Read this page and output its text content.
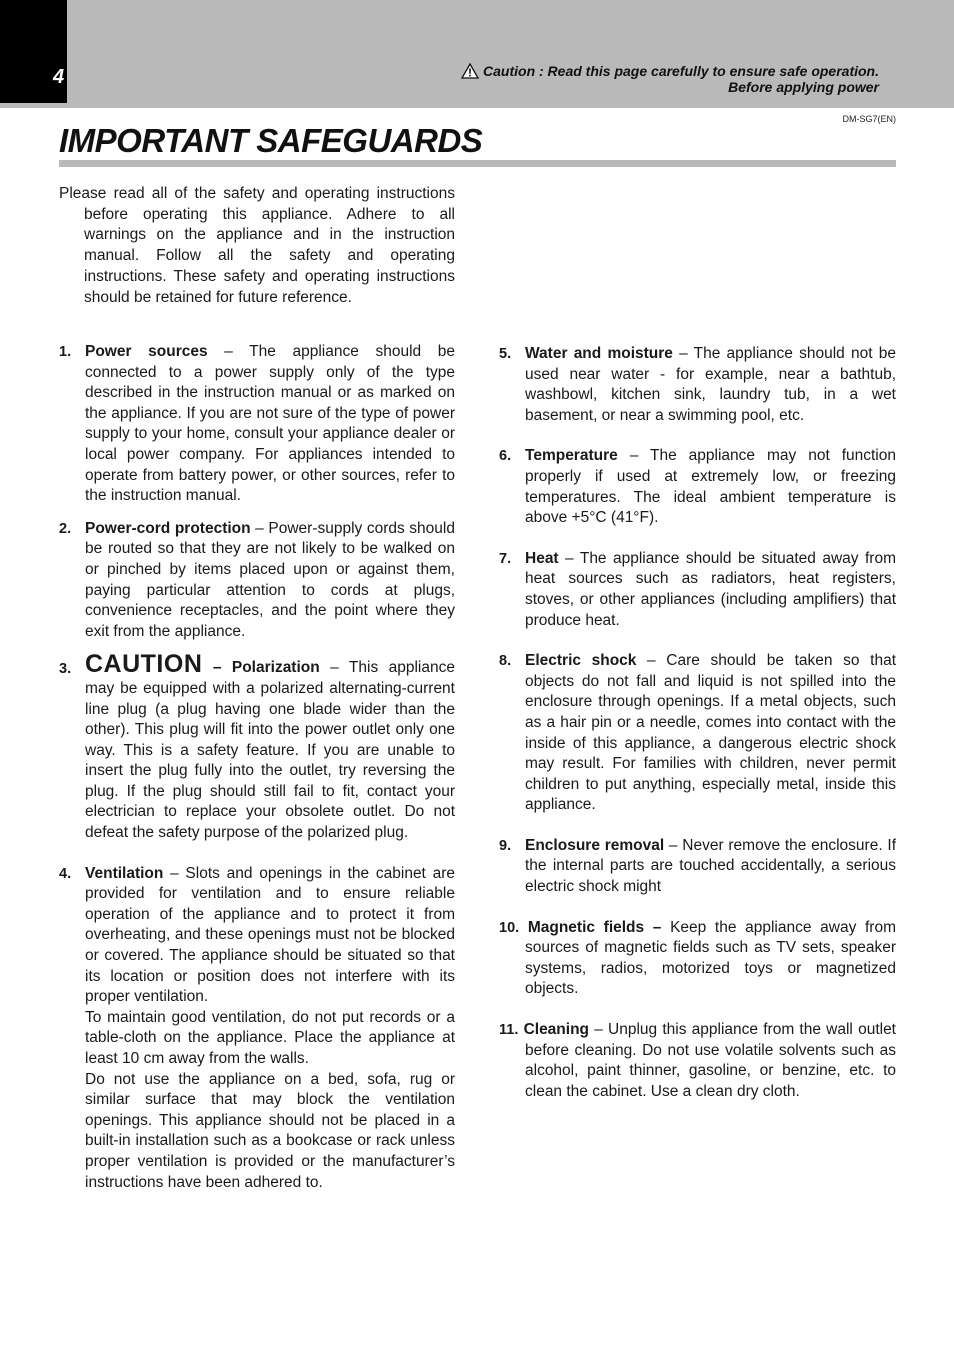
4	Caution : Read this page carefully to ensure safe operation.
Before applying power
DM-SG7(EN)
IMPORTANT SAFEGUARDS
Please read all of the safety and operating instructions before operating this appliance. Adhere to all warnings on the appliance and in the instruction manual. Follow all the safety and operating instructions. These safety and operating instructions should be retained for future reference.
1. Power sources – The appliance should be connected to a power supply only of the type described in the instruction manual or as marked on the appliance. If you are not sure of the type of power supply to your home, consult your appliance dealer or local power company. For appliances intended to operate from battery power, or other sources, refer to the instruction manual.
2. Power-cord protection – Power-supply cords should be routed so that they are not likely to be walked on or pinched by items placed upon or against them, paying particular attention to cords at plugs, convenience receptacles, and the point where they exit from the appliance.
3. CAUTION – Polarization – This appliance may be equipped with a polarized alternating-current line plug (a plug having one blade wider than the other). This plug will fit into the power outlet only one way. This is a safety feature. If you are unable to insert the plug fully into the outlet, try reversing the plug. If the plug should still fail to fit, contact your electrician to replace your obsolete outlet. Do not defeat the safety purpose of the polarized plug.
4. Ventilation – Slots and openings in the cabinet are provided for ventilation and to ensure reliable operation of the appliance and to protect it from overheating, and these openings must not be blocked or covered. The appliance should be situated so that its location or position does not interfere with its proper ventilation.

To maintain good ventilation, do not put records or a table-cloth on the appliance. Place the appliance at least 10 cm away from the walls.

Do not use the appliance on a bed, sofa, rug or similar surface that may block the ventilation openings. This appliance should not be placed in a built-in installation such as a bookcase or rack unless proper ventilation is provided or the manufacturer’s instructions have been adhered to.

5. Water and moisture – The appliance should not be used near water - for example, near a bathtub, washbowl, kitchen sink, laundry tub, in a wet basement, or near a swimming pool, etc.
6. Temperature – The appliance may not function properly if used at extremely low, or freezing temperatures. The ideal ambient temperature is above +5°C (41°F).
7. Heat – The appliance should be situated away from heat sources such as radiators, heat registers, stoves, or other appliances (including amplifiers) that produce heat.
8. Electric shock – Care should be taken so that objects do not fall and liquid is not spilled into the enclosure through openings. If a metal objects, such as a hair pin or a needle, comes into contact with the inside of this appliance, a dangerous electric shock may result. For families with children, never permit children to put anything, especially metal, inside this appliance.
9. Enclosure removal – Never remove the enclosure. If the internal parts are touched accidentally, a serious electric shock might
10. Magnetic fields – Keep the appliance away from sources of magnetic fields such as TV sets, speaker systems, radios, motorized toys or magnetized objects.
11. Cleaning – Unplug this appliance from the wall outlet before cleaning. Do not use volatile solvents such as alcohol, paint thinner, gasoline, or benzine, etc. to clean the cabinet. Use a clean dry cloth.
